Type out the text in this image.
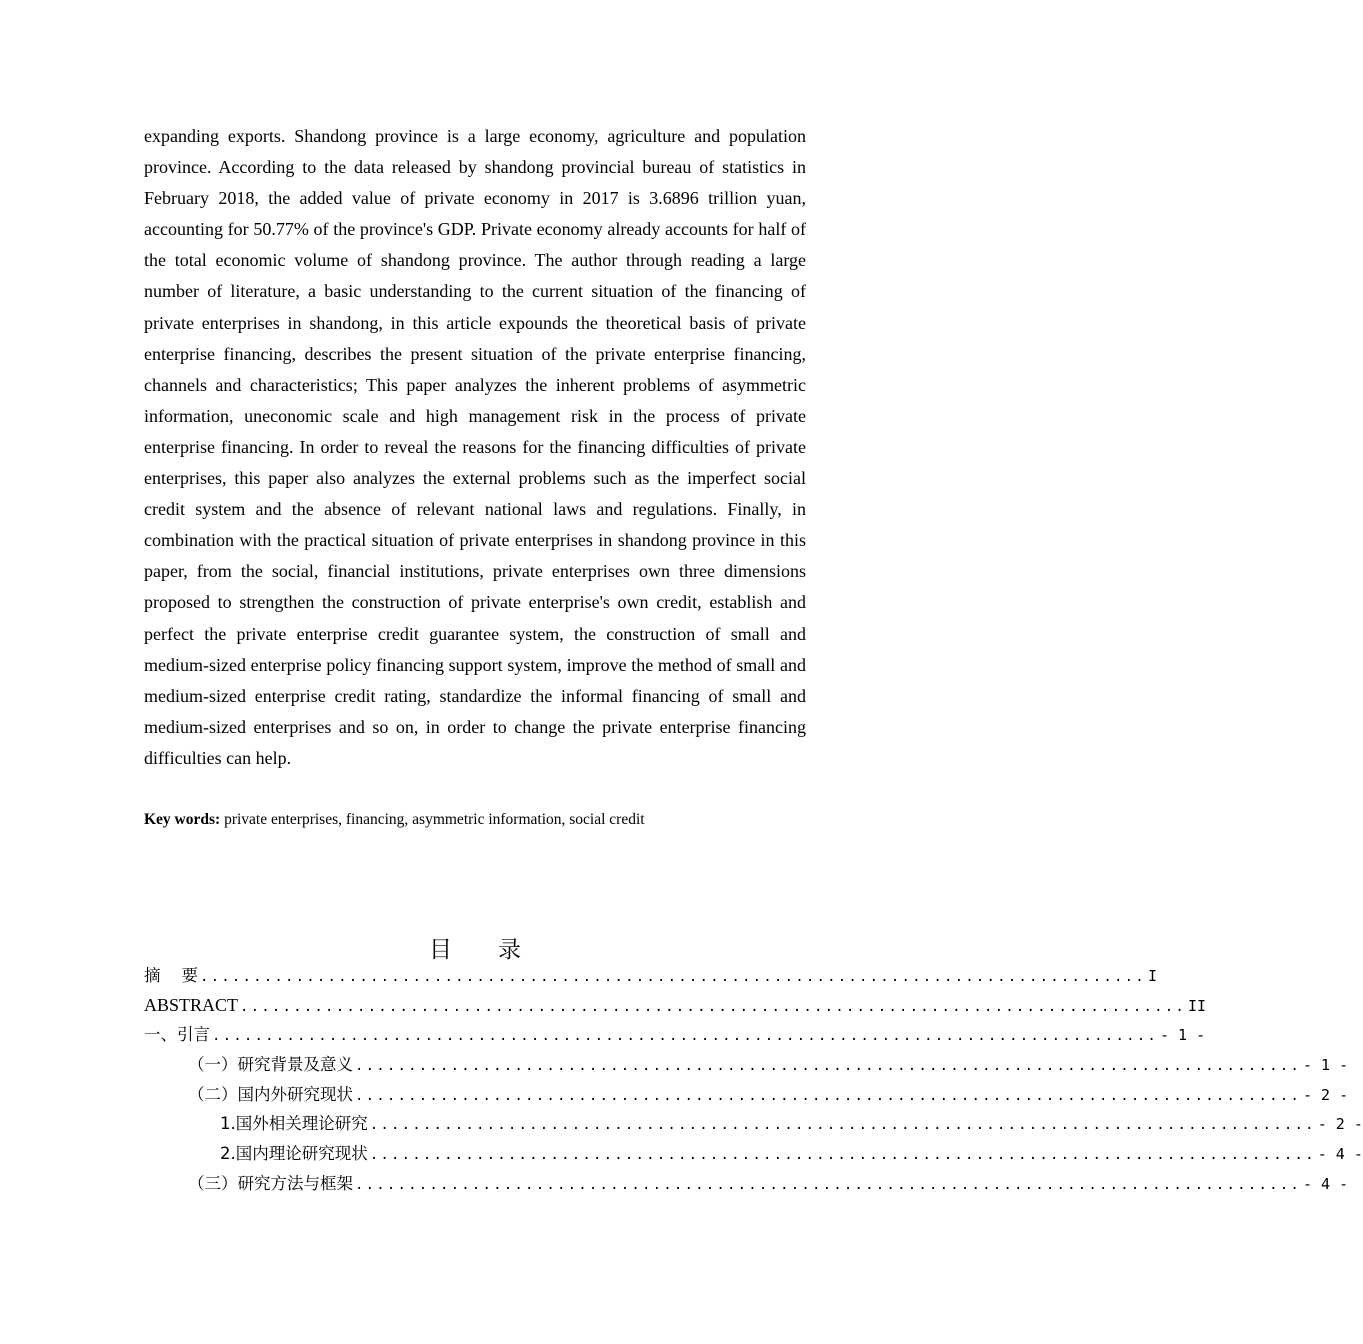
expanding exports. Shandong province is a large economy, agriculture and population province. According to the data released by shandong provincial bureau of statistics in February 2018, the added value of private economy in 2017 is 3.6896 trillion yuan, accounting for 50.77% of the province's GDP. Private economy already accounts for half of the total economic volume of shandong province. The author through reading a large number of literature, a basic understanding to the current situation of the financing of private enterprises in shandong, in this article expounds the theoretical basis of private enterprise financing, describes the present situation of the private enterprise financing, channels and characteristics; This paper analyzes the inherent problems of asymmetric information, uneconomic scale and high management risk in the process of private enterprise financing. In order to reveal the reasons for the financing difficulties of private enterprises, this paper also analyzes the external problems such as the imperfect social credit system and the absence of relevant national laws and regulations. Finally, in combination with the practical situation of private enterprises in shandong province in this paper, from the social, financial institutions, private enterprises own three dimensions proposed to strengthen the construction of private enterprise's own credit, establish and perfect the private enterprise credit guarantee system, the construction of small and medium-sized enterprise policy financing support system, improve the method of small and medium-sized enterprise credit rating, standardize the informal financing of small and medium-sized enterprises and so on, in order to change the private enterprise financing difficulties can help.

Key words: private enterprises, financing, asymmetric information, social credit
目 录
摘    要 ......................................................................................... I
ABSTRACT ......................................................................................... II
一、引言 ......................................................................................... - 1 -
（一）研究背景及意义 ......................................................................................... - 1 -
（二）国内外研究现状 ......................................................................................... - 2 -
1.国外相关理论研究 ......................................................................................... - 2 -
2.国内理论研究现状 ......................................................................................... - 4 -
（三）研究方法与框架 ......................................................................................... - 4 -
